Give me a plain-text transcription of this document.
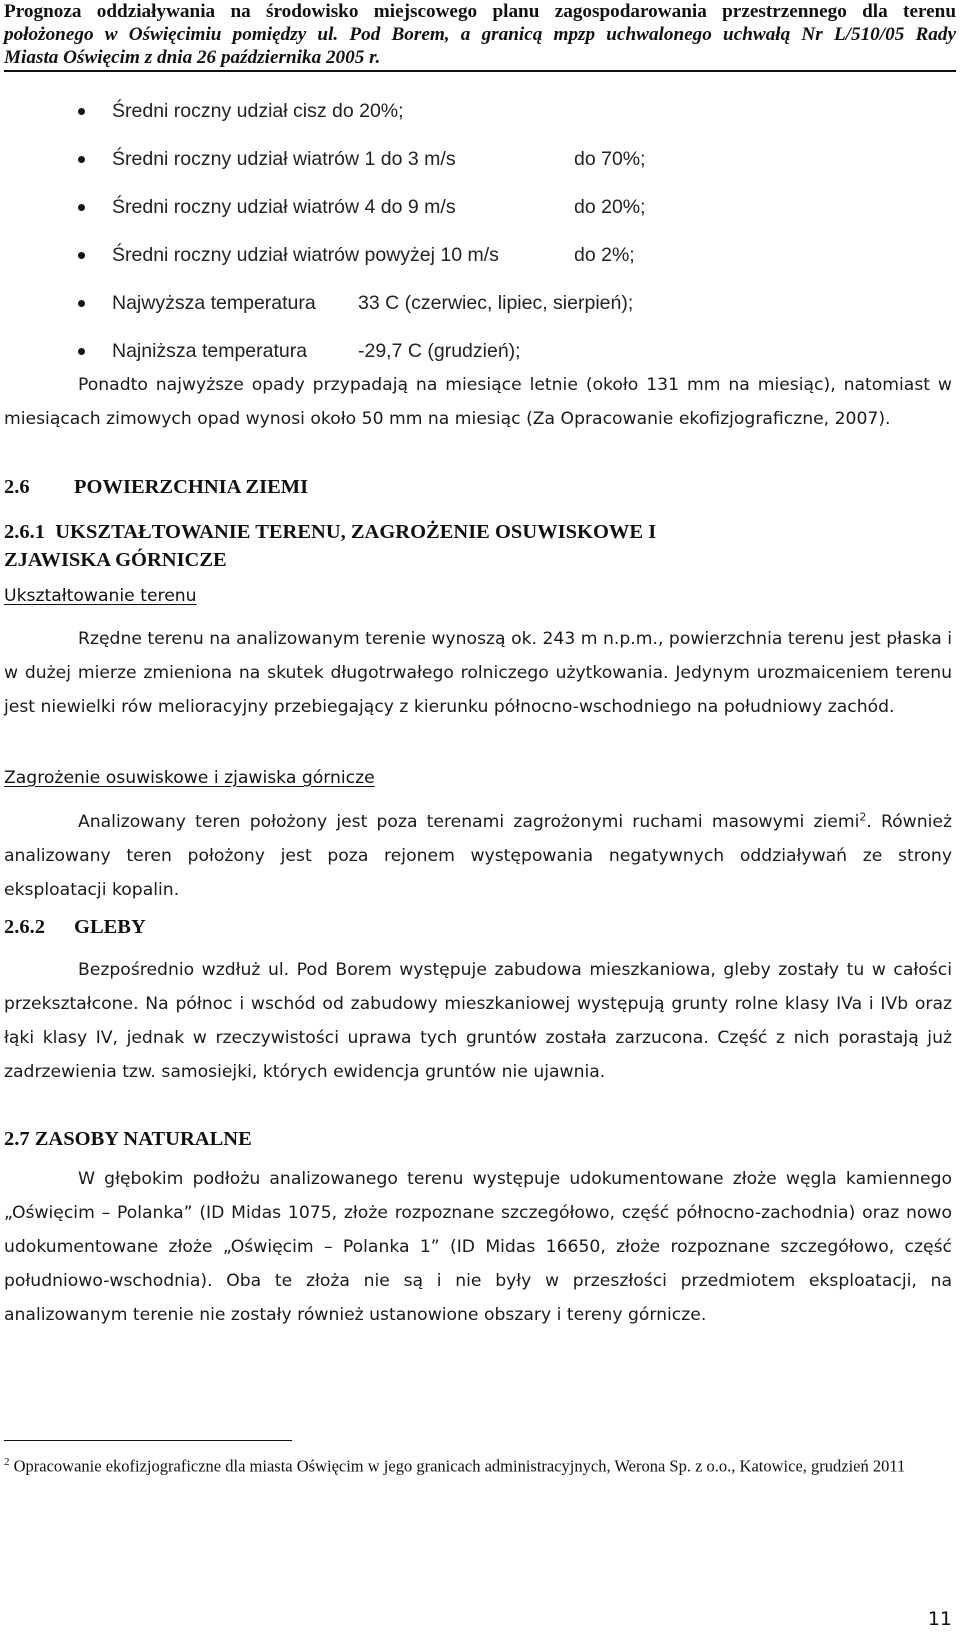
Prognoza oddziaływania na środowisko miejscowego planu zagospodarowania przestrzennego dla terenu
położonego w Oświęcimiu pomiędzy ul. Pod Borem, a granicą mpzp uchwalonego uchwałą Nr L/510/05 Rady
Miasta Oświęcim z dnia 26 października 2005 r.
Średni roczny udział cisz do 20%;
Średni roczny udział wiatrów 1 do 3 m/s	do 70%;
Średni roczny udział wiatrów 4 do 9 m/s	do 20%;
Średni roczny udział wiatrów powyżej 10 m/s	do 2%;
Najwyższa temperatura 33 C (czerwiec, lipiec, sierpień);
Najniższa temperatura	-29,7 C (grudzień);
Ponadto najwyższe opady przypadają na miesiące letnie (około 131 mm na miesiąc), natomiast w miesiącach zimowych opad wynosi około 50 mm na miesiąc (Za Opracowanie ekofizjograficzne, 2007).
2.6 POWIERZCHNIA ZIEMI
2.6.1  UKSZTAŁTOWANIE TERENU, ZAGROŻENIE OSUWISKOWE I
ZJAWISKA GÓRNICZE
Ukształtowanie terenu
Rzędne terenu na analizowanym terenie wynoszą ok. 243 m n.p.m., powierzchnia terenu jest płaska i w dużej mierze zmieniona na skutek długotrwałego rolniczego użytkowania. Jedynym urozmaiceniem terenu jest niewielki rów melioracyjny przebiegający z kierunku północno-wschodniego na południowy zachód.
Zagrożenie osuwiskowe i zjawiska górnicze
Analizowany teren położony jest poza terenami zagrożonymi ruchami masowymi ziemi$^2$. Również analizowany teren położony jest poza rejonem występowania negatywnych oddziaływań ze strony eksploatacji kopalin.
2.6.2 GLEBY
Bezpośrednio wzdłuż ul. Pod Borem występuje zabudowa mieszkaniowa, gleby zostały tu w całości przekształcone. Na północ i wschód od zabudowy mieszkaniowej występują grunty rolne klasy IVa i IVb oraz łąki klasy IV, jednak w rzeczywistości uprawa tych gruntów została zarzucona. Część z nich porastają już zadrzewienia tzw. samosiejki, których ewidencja gruntów nie ujawnia.
2.7 ZASOBY NATURALNE
W głębokim podłożu analizowanego terenu występuje udokumentowane złoże węgla kamiennego „Oświęcim – Polanka” (ID Midas 1075, złoże rozpoznane szczegółowo, część północno-zachodnia) oraz nowo udokumentowane złoże „Oświęcim – Polanka 1” (ID Midas 16650, złoże rozpoznane szczegółowo, część południowo-wschodnia). Oba te złoża nie są i nie były w przeszłości przedmiotem eksploatacji, na analizowanym terenie nie zostały również ustanowione obszary i tereny górnicze.
$^2$ Opracowanie ekofizjograficzne dla miasta Oświęcim w jego granicach administracyjnych, Werona Sp. z o.o., Katowice, grudzień 2011
11
